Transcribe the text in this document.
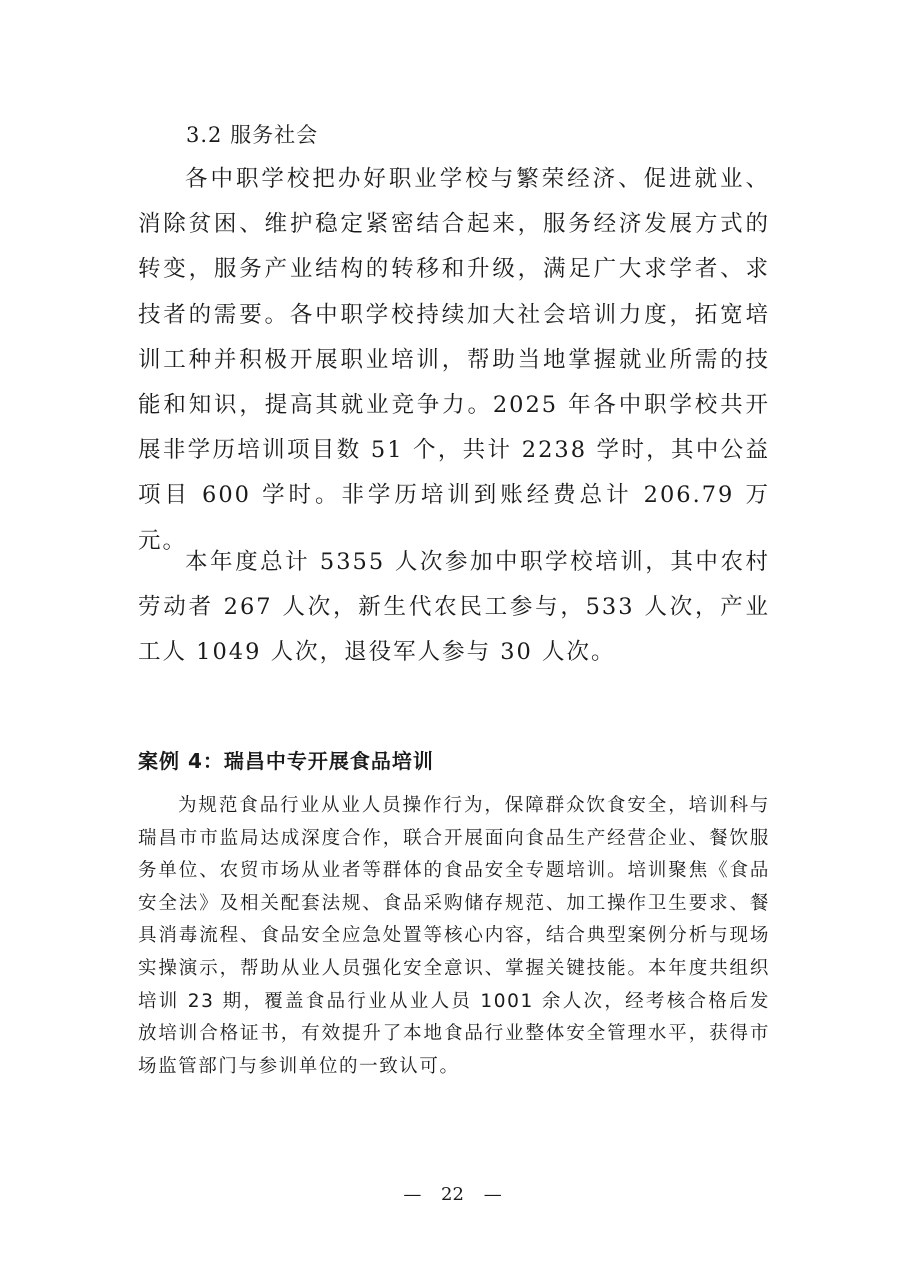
3.2 服务社会

各中职学校把办好职业学校与繁荣经济、促进就业、消除贫困、维护稳定紧密结合起来，服务经济发展方式的转变，服务产业结构的转移和升级，满足广大求学者、求技者的需要。各中职学校持续加大社会培训力度，拓宽培训工种并积极开展职业培训，帮助当地掌握就业所需的技能和知识，提高其就业竞争力。2025 年各中职学校共开展非学历培训项目数 51 个，共计 2238 学时，其中公益项目 600 学时。非学历培训到账经费总计 206.79 万元。

本年度总计 5355 人次参加中职学校培训，其中农村劳动者 267 人次，新生代农民工参与，533 人次，产业工人 1049 人次，退役军人参与 30 人次。

案例 4：瑞昌中专开展食品培训

为规范食品行业从业人员操作行为，保障群众饮食安全，培训科与瑞昌市市监局达成深度合作，联合开展面向食品生产经营企业、餐饮服务单位、农贸市场从业者等群体的食品安全专题培训。培训聚焦《食品安全法》及相关配套法规、食品采购储存规范、加工操作卫生要求、餐具消毒流程、食品安全应急处置等核心内容，结合典型案例分析与现场实操演示，帮助从业人员强化安全意识、掌握关键技能。本年度共组织培训 23 期，覆盖食品行业从业人员 1001 余人次，经考核合格后发放培训合格证书，有效提升了本地食品行业整体安全管理水平，获得市场监管部门与参训单位的一致认可。

— 22 —
